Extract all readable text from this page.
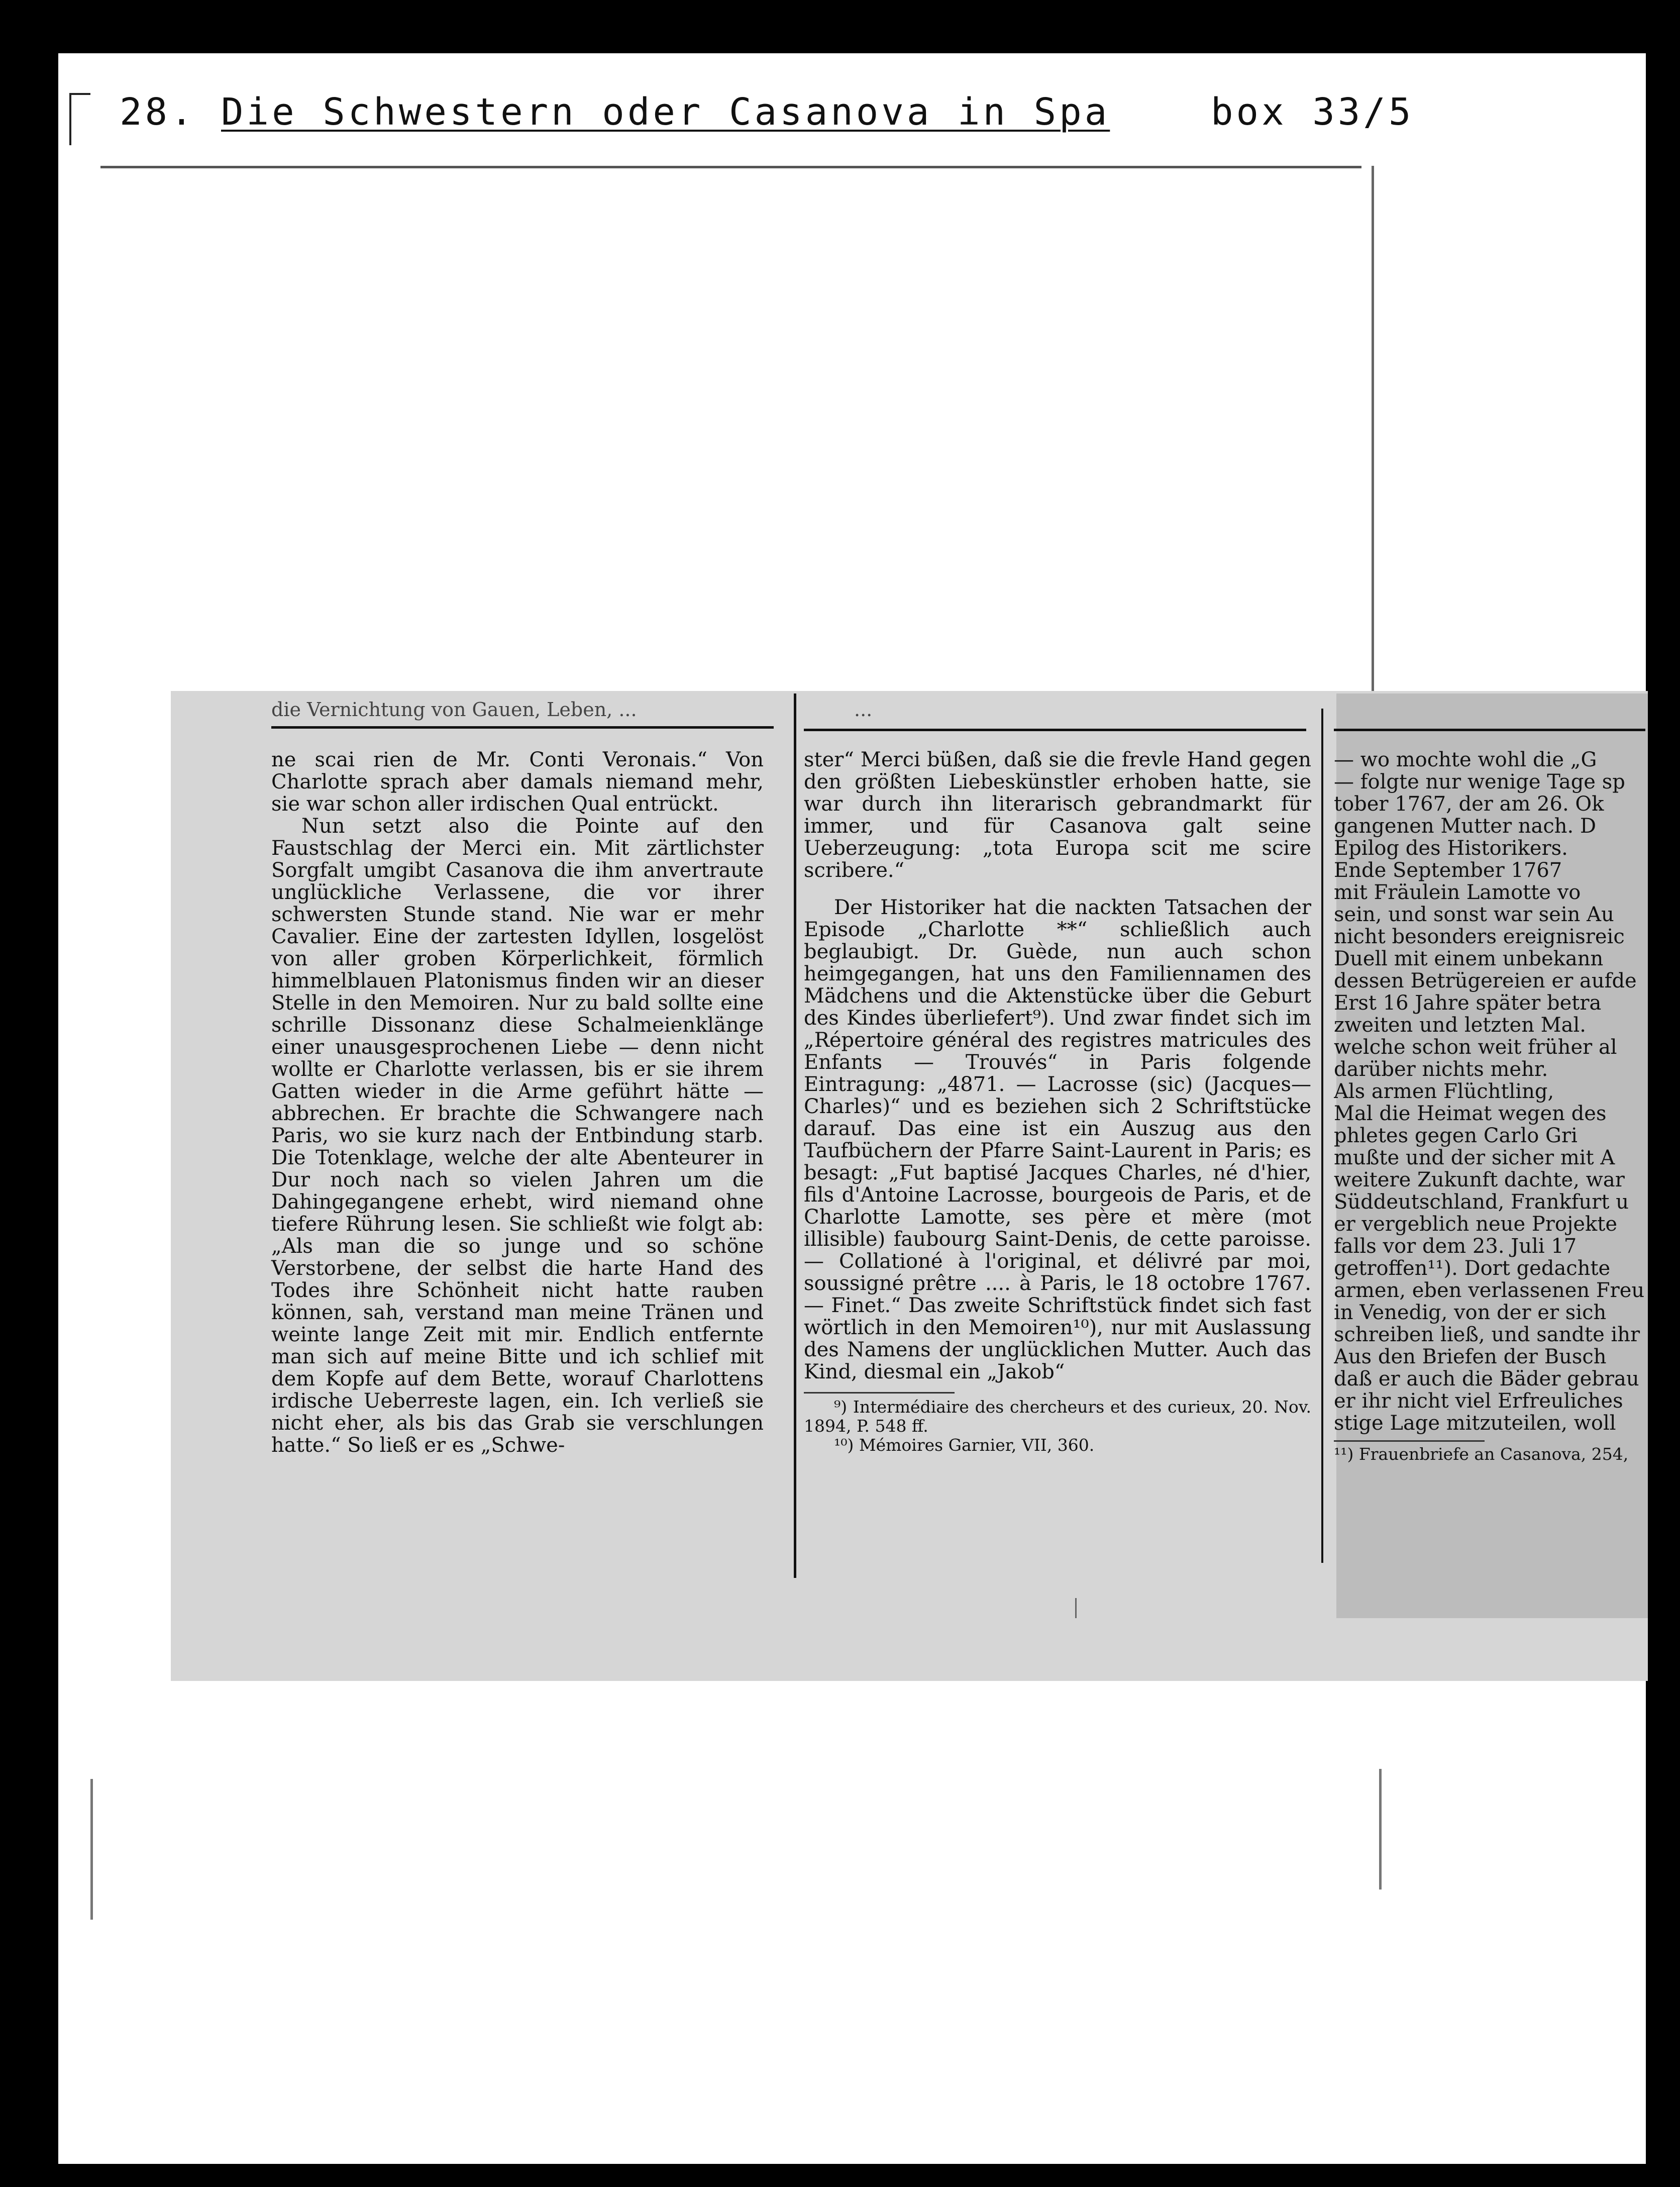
28. Die Schwestern oder Casanova in Spa	box 33/5
die Vernichtung von Gauen, Leben, ...	...

ne scai rien de Mr. Conti Veronais.“ Von Charlotte sprach aber damals niemand mehr, sie war schon aller irdischen Qual entrückt.

Nun setzt also die Pointe auf den Faustschlag der Merci ein. Mit zärtlichster Sorgfalt umgibt Casanova die ihm anvertraute unglückliche Verlassene, die vor ihrer schwersten Stunde stand. Nie war er mehr Cavalier. Eine der zartesten Idyllen, losgelöst von aller groben Körperlichkeit, förmlich himmelblauen Platonismus finden wir an dieser Stelle in den Memoiren. Nur zu bald sollte eine schrille Dissonanz diese Schalmeienklänge einer unausgesprochenen Liebe — denn nicht wollte er Charlotte verlassen, bis er sie ihrem Gatten wieder in die Arme geführt hätte — abbrechen. Er brachte die Schwangere nach Paris, wo sie kurz nach der Entbindung starb. Die Totenklage, welche der alte Abenteurer in Dur noch nach so vielen Jahren um die Dahingegangene erhebt, wird niemand ohne tiefere Rührung lesen. Sie schließt wie folgt ab: „Als man die so junge und so schöne Verstorbene, der selbst die harte Hand des Todes ihre Schönheit nicht hatte rauben können, sah, verstand man meine Tränen und weinte lange Zeit mit mir. Endlich entfernte man sich auf meine Bitte und ich schlief mit dem Kopfe auf dem Bette, worauf Charlottens irdische Ueberreste lagen, ein. Ich verließ sie nicht eher, als bis das Grab sie verschlungen hatte.“ So ließ er es „Schwe-

ster“ Merci büßen, daß sie die frevle Hand gegen den größten Liebeskünstler erhoben hatte, sie war durch ihn literarisch gebrandmarkt für immer, und für Casanova galt seine Ueberzeugung: „tota Europa scit me scire scribere.“

Der Historiker hat die nackten Tatsachen der Episode „Charlotte **“ schließlich auch beglaubigt. Dr. Guède, nun auch schon heimgegangen, hat uns den Familiennamen des Mädchens und die Aktenstücke über die Geburt des Kindes überliefert⁹). Und zwar findet sich im „Répertoire général des registres matricules des Enfants — Trouvés“ in Paris folgende Eintragung: „4871. — Lacrosse (sic) (Jacques—Charles)“ und es beziehen sich 2 Schriftstücke darauf. Das eine ist ein Auszug aus den Taufbüchern der Pfarre Saint-Laurent in Paris; es besagt: „Fut baptisé Jacques Charles, né d'hier, fils d'Antoine Lacrosse, bourgeois de Paris, et de Charlotte Lamotte, ses père et mère (mot illisible) faubourg Saint-Denis, de cette paroisse. — Collationé à l'original, et délivré par moi, soussigné prêtre .... à Paris, le 18 octobre 1767. — Finet.“ Das zweite Schriftstück findet sich fast wörtlich in den Memoiren¹⁰), nur mit Auslassung des Namens der unglücklichen Mutter. Auch das Kind, diesmal ein „Jakob“

⁹) Intermédiaire des chercheurs et des curieux, 20. Nov. 1894, P. 548 ff.

¹⁰) Mémoires Garnier, VII, 360.

— wo mochte wohl die „G
— folgte nur wenige Tage sp
tober 1767, der am 26. Ok
gangenen Mutter nach. D
Epilog des Historikers.
Ende September 1767
mit Fräulein Lamotte vo
sein, und sonst war sein Au
nicht besonders ereignisreic
Duell mit einem unbekann
dessen Betrügereien er aufde
Erst 16 Jahre später betra
zweiten und letzten Mal.
welche schon weit früher al
darüber nichts mehr.
Als armen Flüchtling,
Mal die Heimat wegen des
phletes gegen Carlo Gri
mußte und der sicher mit A
weitere Zukunft dachte, war
Süddeutschland, Frankfurt u
er vergeblich neue Projekte
falls vor dem 23. Juli 17
getroffen¹¹). Dort gedachte
armen, eben verlassenen Freu
in Venedig, von der er sich
schreiben ließ, und sandte ihr
Aus den Briefen der Busch
daß er auch die Bäder gebrau
er ihr nicht viel Erfreuliches
stige Lage mitzuteilen, woll
¹¹) Frauenbriefe an Casanova, 254,
